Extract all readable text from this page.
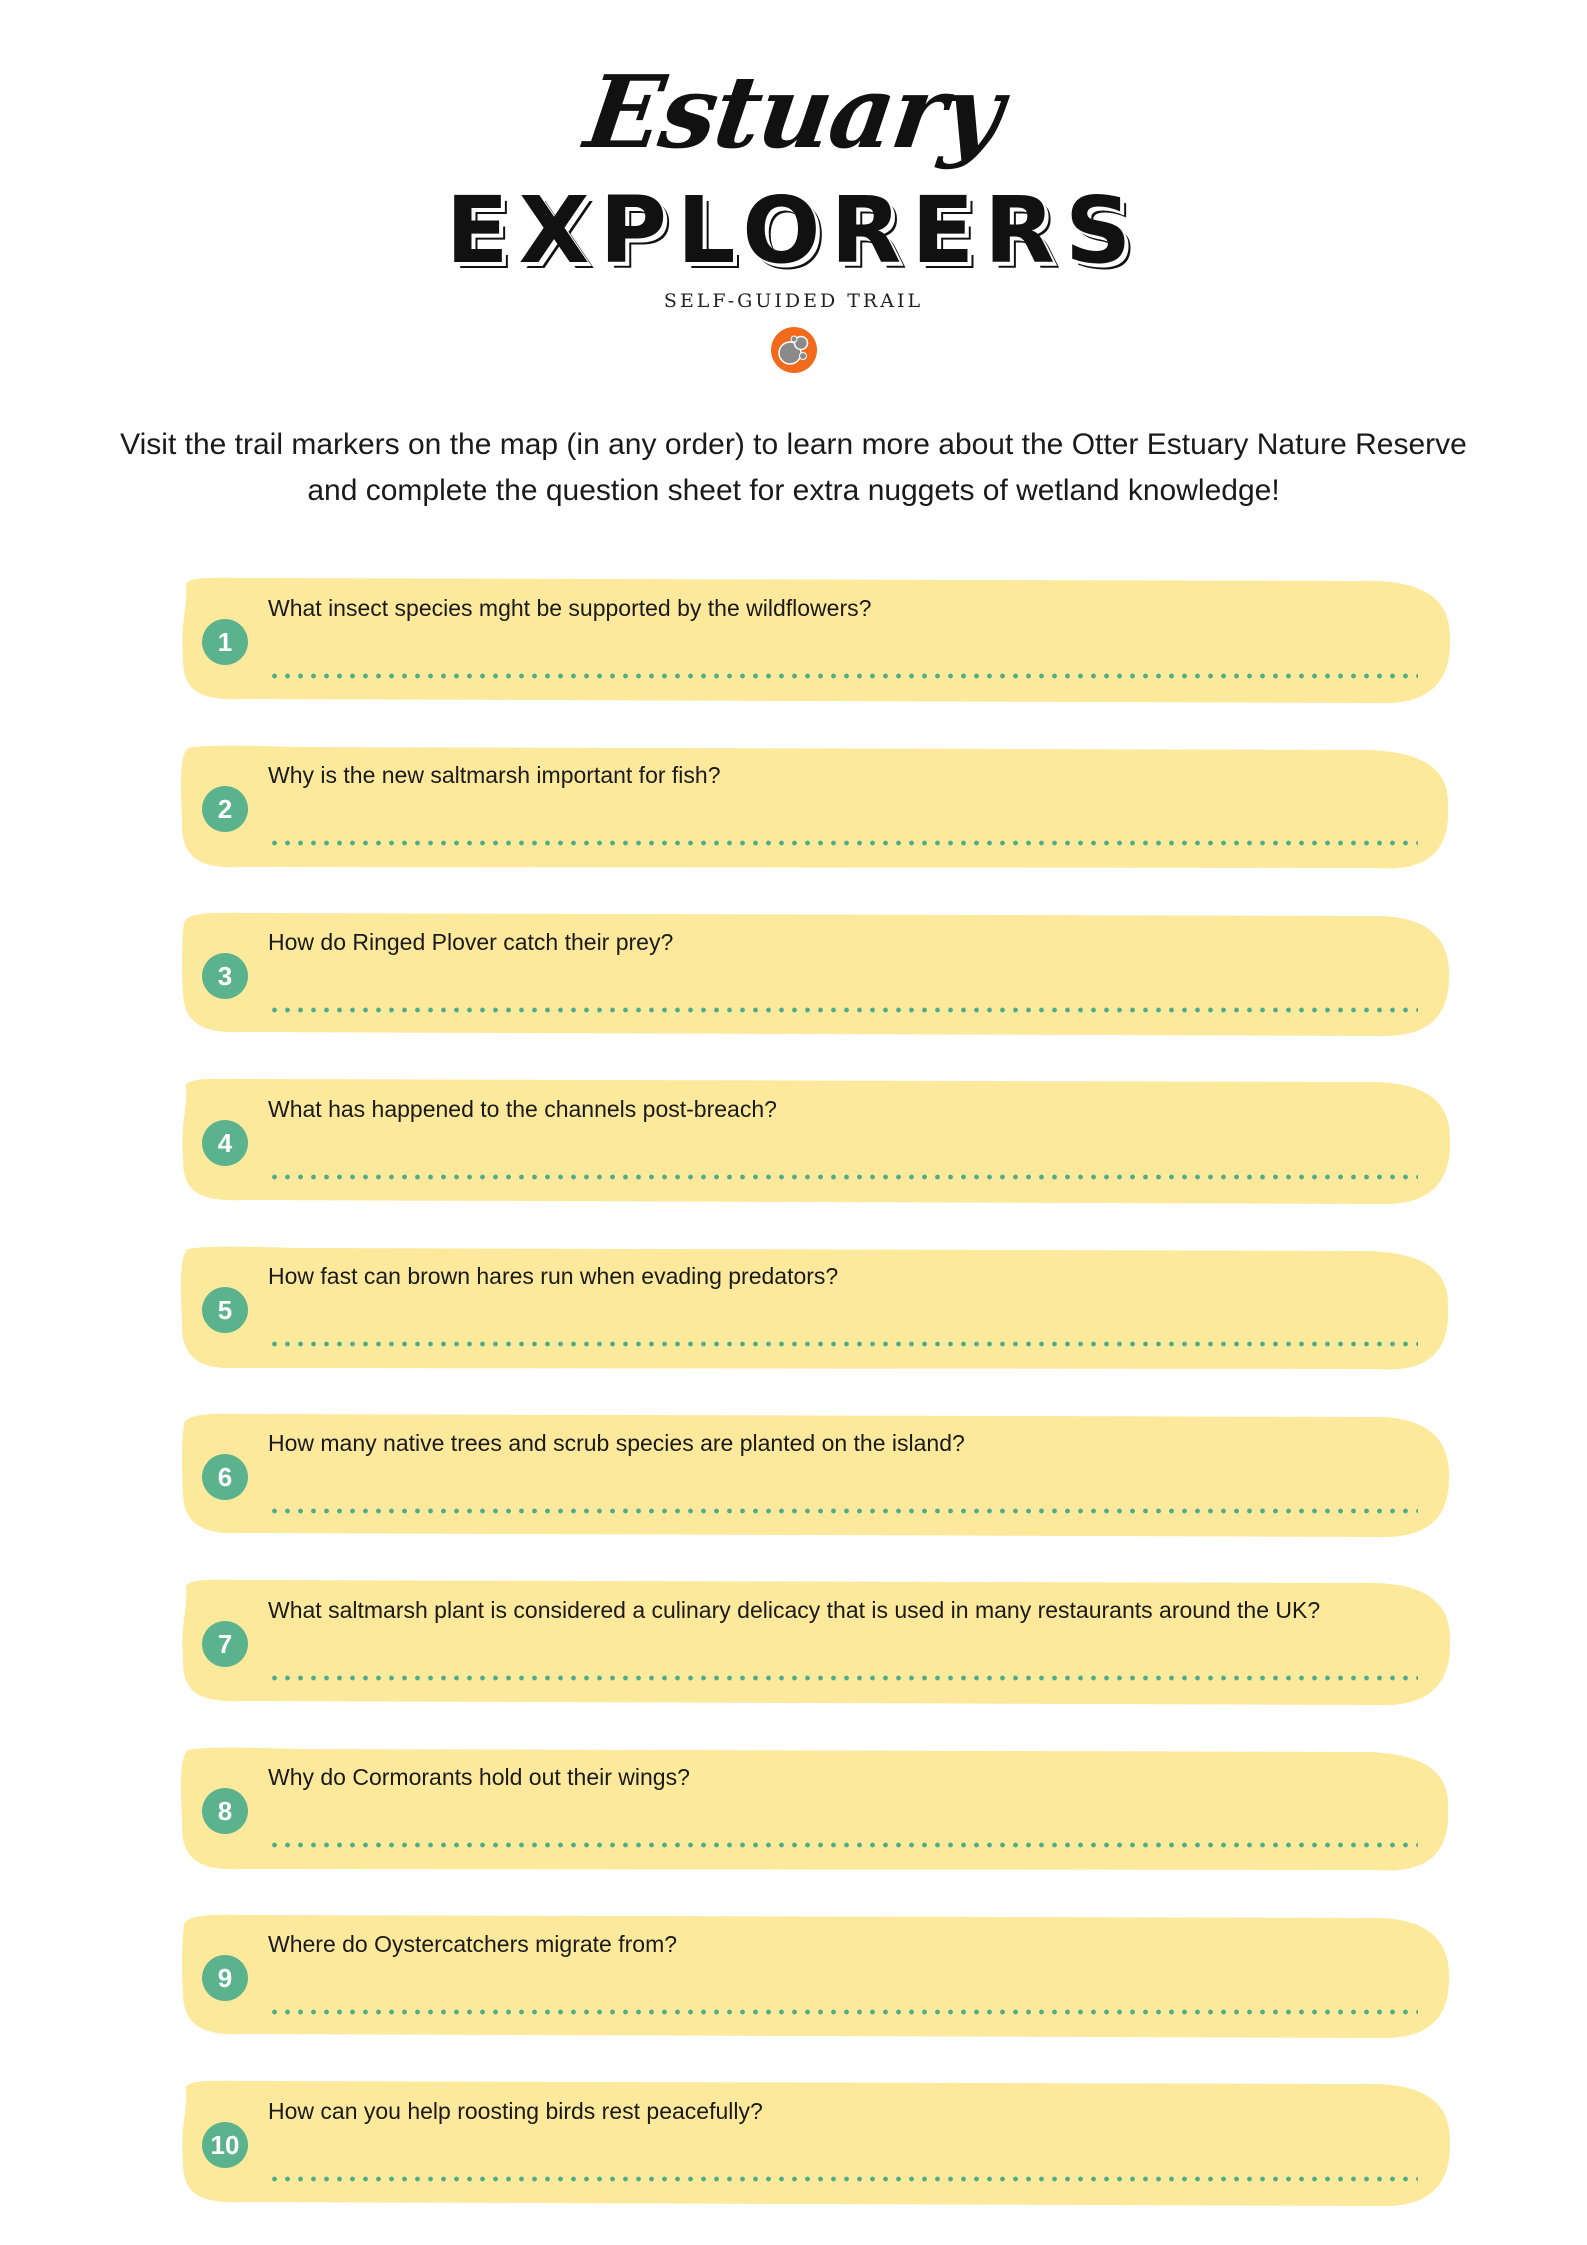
Estuary
EXPLORERS
SELF-GUIDED TRAIL
Visit the trail markers on the map (in any order) to learn more about the Otter Estuary Nature Reserve and complete the question sheet for extra nuggets of wetland knowledge!
1
What insect species mght be supported by the wildflowers?
2
Why is the new saltmarsh important for fish?
3
How do Ringed Plover catch their prey?
4
What has happened to the channels post-breach?
5
How fast can brown hares run when evading predators?
6
How many native trees and scrub species are planted on the island?
7
What saltmarsh plant is considered a culinary delicacy that is used in many restaurants around the UK?
8
Why do Cormorants hold out their wings?
9
Where do Oystercatchers migrate from?
10
How can you help roosting birds rest peacefully?
